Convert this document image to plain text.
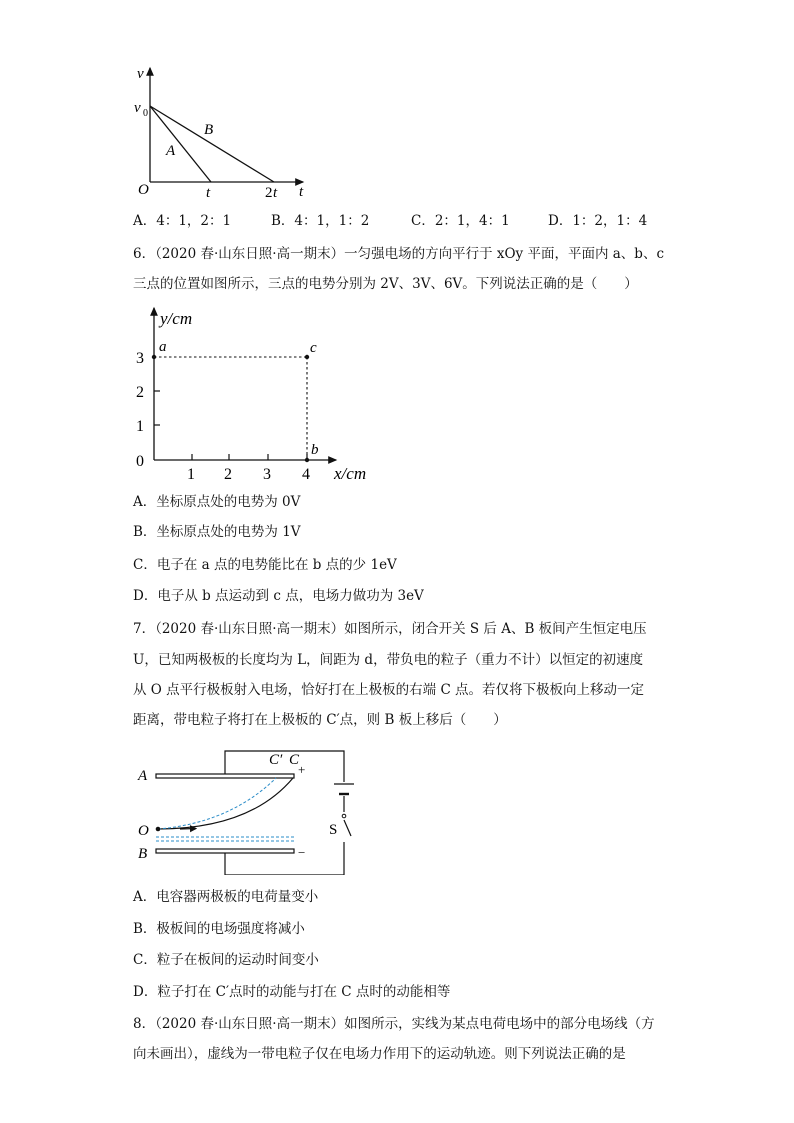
v
t
O
v 0
A
B
t	2 t
A．4：1，2：1	B．4：1，1：2	C．2：1，4：1	D．1：2，1：4
6．（2020 春·山东日照·高一期末）一匀强电场的方向平行于 xOy 平面，平面内 a、b、c
三点的位置如图所示，三点的电势分别为 2V、3V、6V。下列说法正确的是（　　）
y/cm
x/cm
0
1
2
3
1 2 3 4
a	c
b
A．坐标原点处的电势为 0V
B．坐标原点处的电势为 1V
C．电子在 a 点的电势能比在 b 点的少 1eV
D．电子从 b 点运动到 c 点，电场力做功为 3eV
7．（2020 春·山东日照·高一期末）如图所示，闭合开关 S 后 A、B 板间产生恒定电压
U，已知两极板的长度均为 L，间距为 d，带负电的粒子（重力不计）以恒定的初速度
从 O 点平行极板射入电场，恰好打在上极板的右端 C 点。若仅将下极板向上移动一定
距离，带电粒子将打在上极板的 C′点，则 B 板上移后（　　）
A
B
O
C′ C
+
−
S
A．电容器两极板的电荷量变小
B．极板间的电场强度将减小
C．粒子在板间的运动时间变小
D．粒子打在 C′点时的动能与打在 C 点时的动能相等
8．（2020 春·山东日照·高一期末）如图所示，实线为某点电荷电场中的部分电场线（方
向未画出），虚线为一带电粒子仅在电场力作用下的运动轨迹。则下列说法正确的是
